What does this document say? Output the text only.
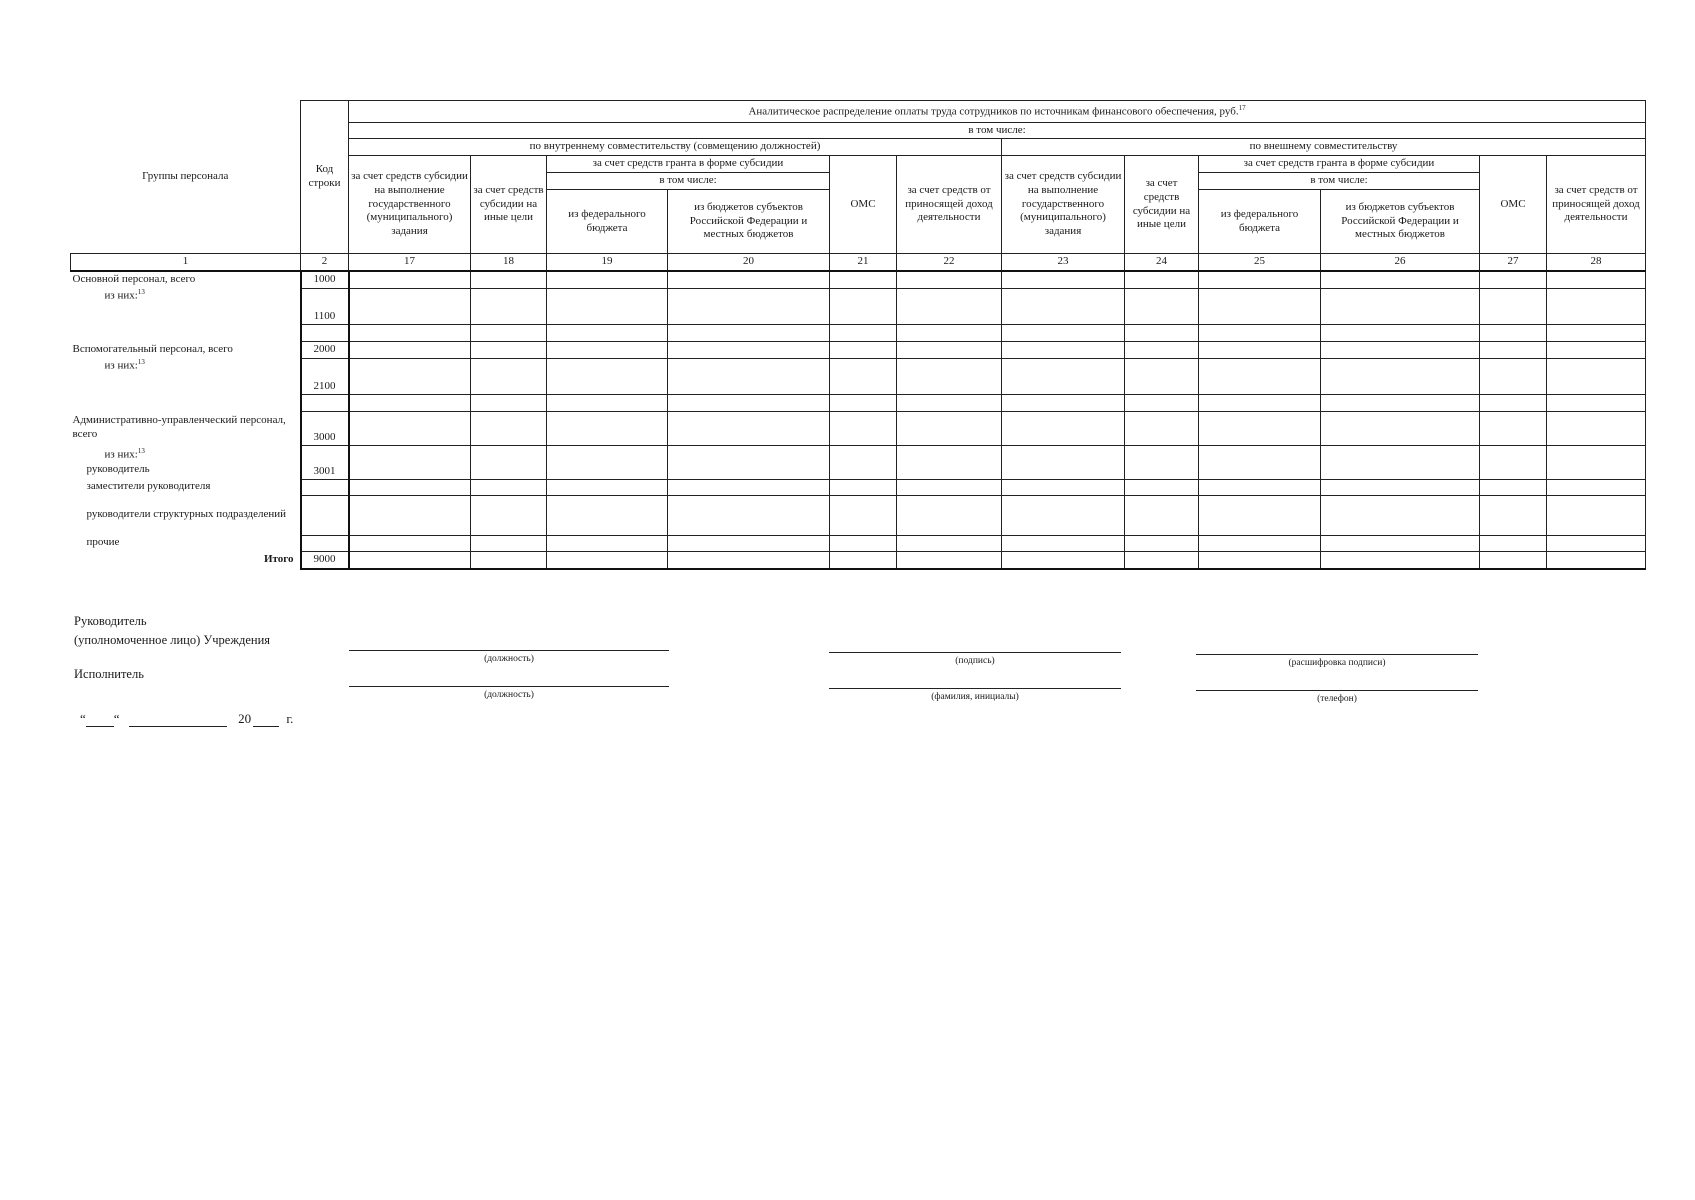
Группы персонала	Код строки	Аналитическое распределение оплаты труда сотрудников по источникам финансового обеспечения, руб.$^{17}$
		в том числе:											
		по внутреннему совместительству (совмещению должностей)						по внешнему совместительству					
		за счет средств субсидии на выполнение государственного (муниципального) задания	за счет средств субсидии на иные цели	за счет средств гранта в форме субсидии		ОМС	за счет средств от приносящей доход деятельности	за счет средств субсидии на выполнение государственного (муниципального) задания	за счет средств субсидии на иные цели	за счет средств гранта в форме субсидии		ОМС	за счет средств от приносящей доход деятельности
				в том числе:						в том числе:			
				из федерального бюджета	из бюджетов субъектов Российской Федерации и местных бюджетов					из федерального бюджета	из бюджетов субъектов Российской Федерации и местных бюджетов		
1	2	17	18	19	20	21	22	23	24	25	26	27	28
Основной персонал, всего	1000												
из них:$^{13}$	1100												

Вспомогательный персонал, всего	2000												
из них:$^{13}$	2100												

Административно-управленческий персонал, всего	3000												

из них:$^{13}$
руководитель	3001												
заместители руководителя													
руководители структурных подразделений													
прочие													
Итого	9000												
Руководитель
(уполномоченное лицо) Учреждения
(должность)	(подпись)	(расшифровка подписи)
Исполнитель
(должность)	(фамилия, инициалы)	(телефон)
“ “	20	г.
